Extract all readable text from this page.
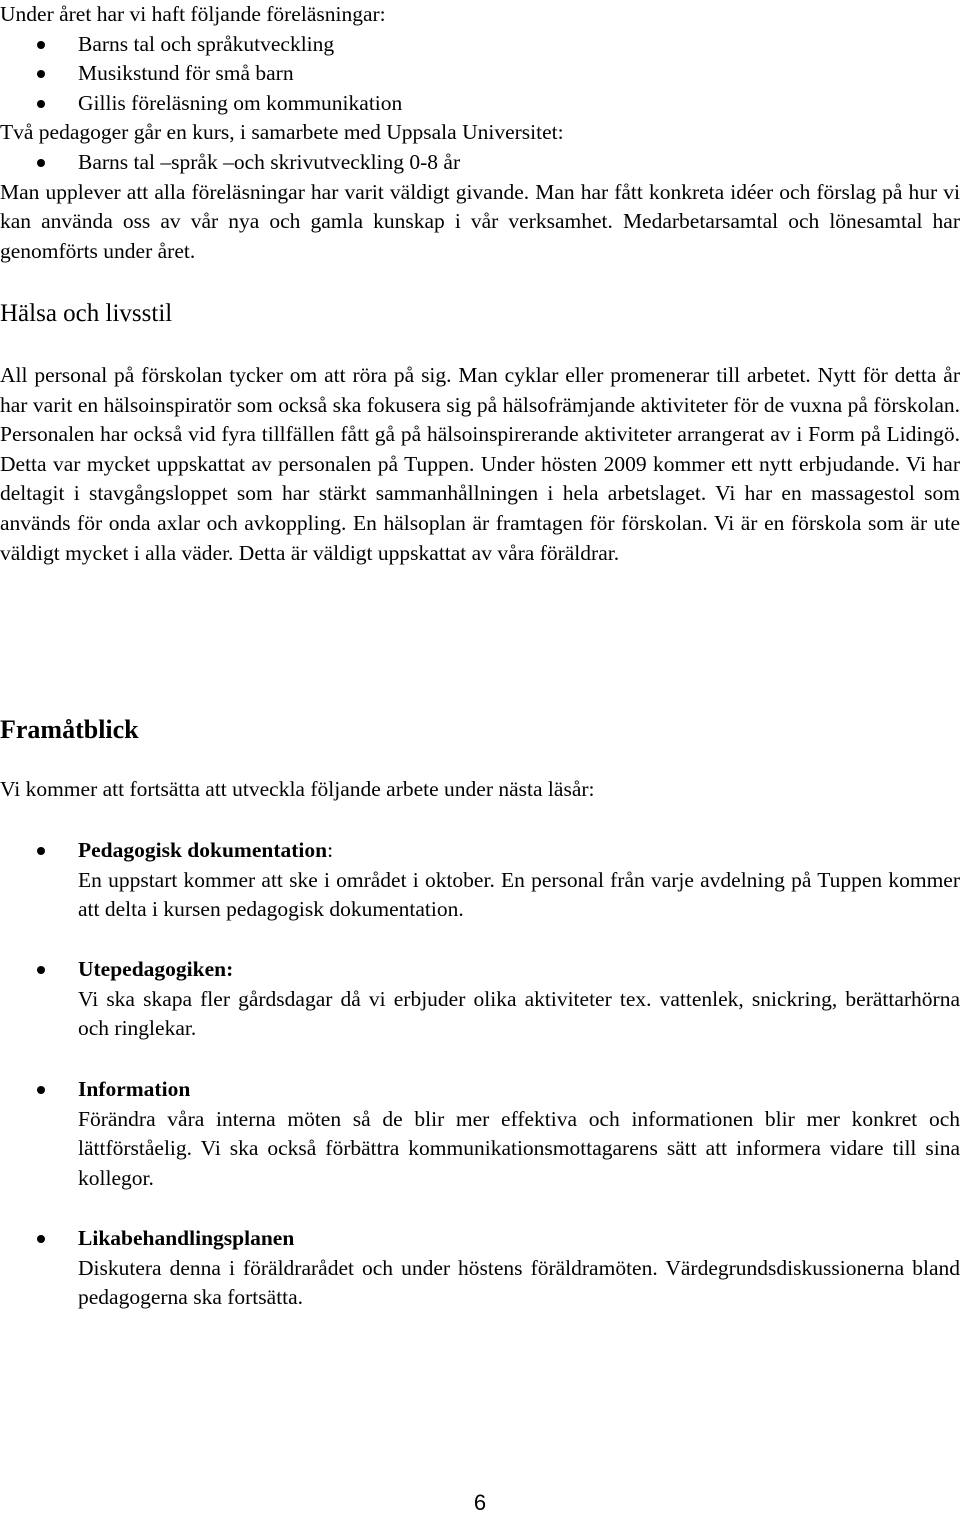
Under året har vi haft följande föreläsningar:
Barns tal och språkutveckling
Musikstund för små barn
Gillis föreläsning om kommunikation
Två pedagoger går en kurs, i samarbete med Uppsala Universitet:
Barns tal –språk –och skrivutveckling 0-8 år
Man upplever att alla föreläsningar har varit väldigt givande. Man har fått konkreta idéer och förslag på hur vi kan använda oss av vår nya och gamla kunskap i vår verksamhet. Medarbetarsamtal och lönesamtal har genomförts under året.
Hälsa och livsstil
All personal på förskolan tycker om att röra på sig. Man cyklar eller promenerar till arbetet. Nytt för detta år har varit en hälsoinspiratör som också ska fokusera sig på hälsofrämjande aktiviteter för de vuxna på förskolan. Personalen har också vid fyra tillfällen fått gå på hälsoinspirerande aktiviteter arrangerat av i Form på Lidingö. Detta var mycket uppskattat av personalen på Tuppen. Under hösten 2009 kommer ett nytt erbjudande. Vi har deltagit i stavgångsloppet som har stärkt sammanhållningen i hela arbetslaget. Vi har en massagestol som används för onda axlar och avkoppling. En hälsoplan är framtagen för förskolan. Vi är en förskola som är ute väldigt mycket i alla väder. Detta är väldigt uppskattat av våra föräldrar.
Framåtblick
Vi kommer att fortsätta att utveckla följande arbete under nästa läsår:
Pedagogisk dokumentation:
En uppstart kommer att ske i området i oktober. En personal från varje avdelning på Tuppen kommer att delta i kursen pedagogisk dokumentation.
Utepedagogiken:
Vi ska skapa fler gårdsdagar då vi erbjuder olika aktiviteter tex. vattenlek, snickring, berättarhörna och ringlekar.
Information
Förändra våra interna möten så de blir mer effektiva och informationen blir mer konkret och lättförståelig. Vi ska också förbättra kommunikationsmottagarens sätt att informera vidare till sina kollegor.
Likabehandlingsplanen
Diskutera denna i föräldrarådet och under höstens föräldramöten. Värdegrundsdiskussionerna bland pedagogerna ska fortsätta.
6
